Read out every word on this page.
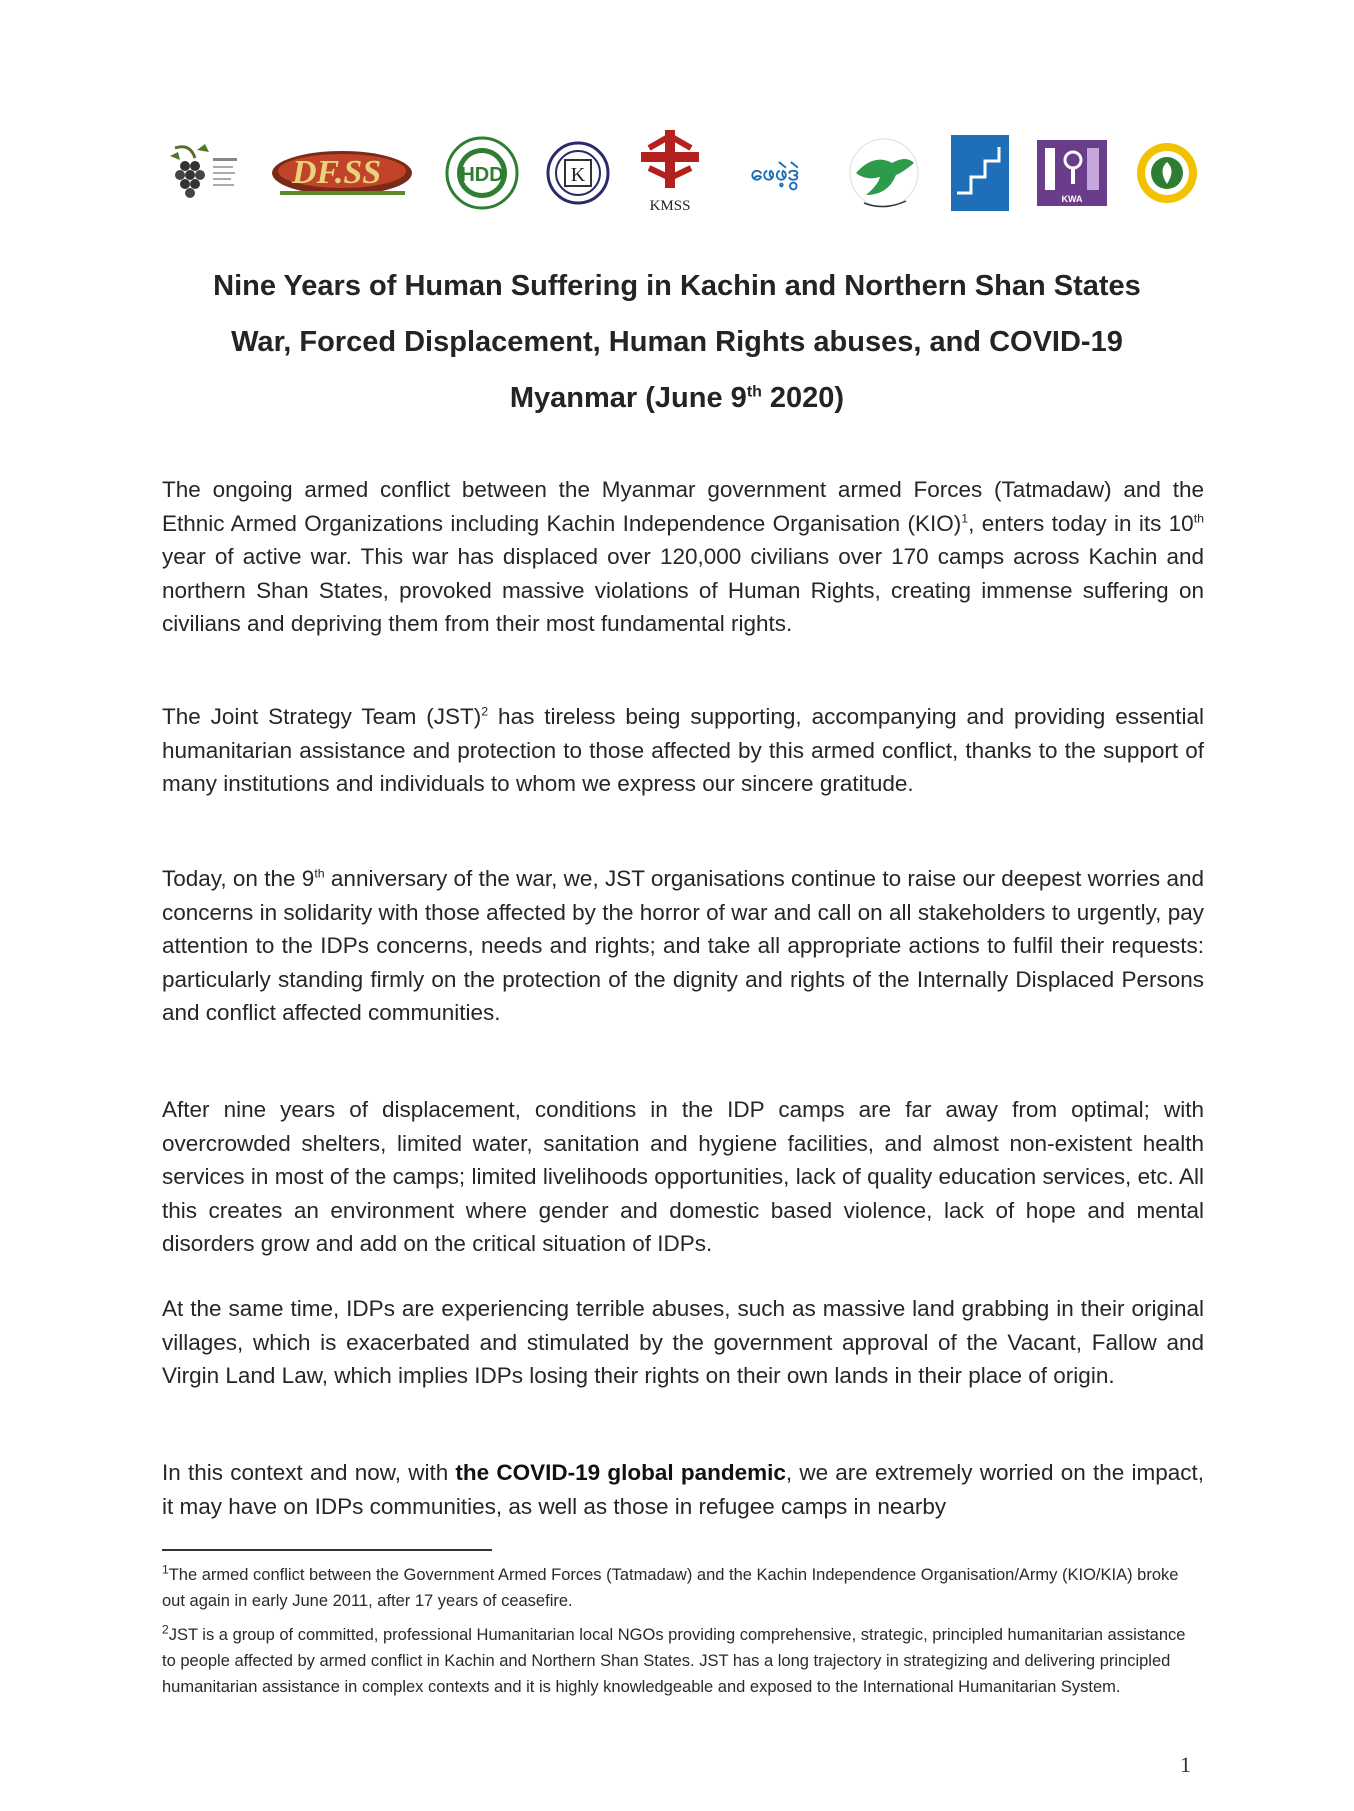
DF.SS	HDD	K
KMSS
ဖေဖဲ့ဒွဲ
KWA
Nine Years of Human Suffering in Kachin and Northern Shan States
War, Forced Displacement, Human Rights abuses, and COVID-19
Myanmar (June 9th 2020)
The ongoing armed conflict between the Myanmar government armed Forces (Tatmadaw) and the Ethnic Armed Organizations including Kachin Independence Organisation (KIO)$^1$, enters today in its 10th year of active war. This war has displaced over 120,000 civilians over 170 camps across Kachin and northern Shan States, provoked massive violations of Human Rights, creating immense suffering on civilians and depriving them from their most fundamental rights.
The Joint Strategy Team (JST)$^2$ has tireless being supporting, accompanying and providing essential humanitarian assistance and protection to those affected by this armed conflict, thanks to the support of many institutions and individuals to whom we express our sincere gratitude.
Today, on the 9th anniversary of the war, we, JST organisations continue to raise our deepest worries and concerns in solidarity with those affected by the horror of war and call on all stakeholders to urgently, pay attention to the IDPs concerns, needs and rights; and take all appropriate actions to fulfil their requests: particularly standing firmly on the protection of the dignity and rights of the Internally Displaced Persons and conflict affected communities.
After nine years of displacement, conditions in the IDP camps are far away from optimal; with overcrowded shelters, limited water, sanitation and hygiene facilities, and almost non-existent health services in most of the camps; limited livelihoods opportunities, lack of quality education services, etc. All this creates an environment where gender and domestic based violence, lack of hope and mental disorders grow and add on the critical situation of IDPs.
At the same time, IDPs are experiencing terrible abuses, such as massive land grabbing in their original villages, which is exacerbated and stimulated by the government approval of the Vacant, Fallow and Virgin Land Law, which implies IDPs losing their rights on their own lands in their place of origin.
In this context and now, with the COVID-19 global pandemic, we are extremely worried on the impact, it may have on IDPs communities, as well as those in refugee camps in nearby
$^1$The armed conflict between the Government Armed Forces (Tatmadaw) and the Kachin Independence Organisation/Army (KIO/KIA) broke out again in early June 2011, after 17 years of ceasefire.
$^2$JST is a group of committed, professional Humanitarian local NGOs providing comprehensive, strategic, principled humanitarian assistance to people affected by armed conflict in Kachin and Northern Shan States. JST has a long trajectory in strategizing and delivering principled humanitarian assistance in complex contexts and it is highly knowledgeable and exposed to the International Humanitarian System.
1
